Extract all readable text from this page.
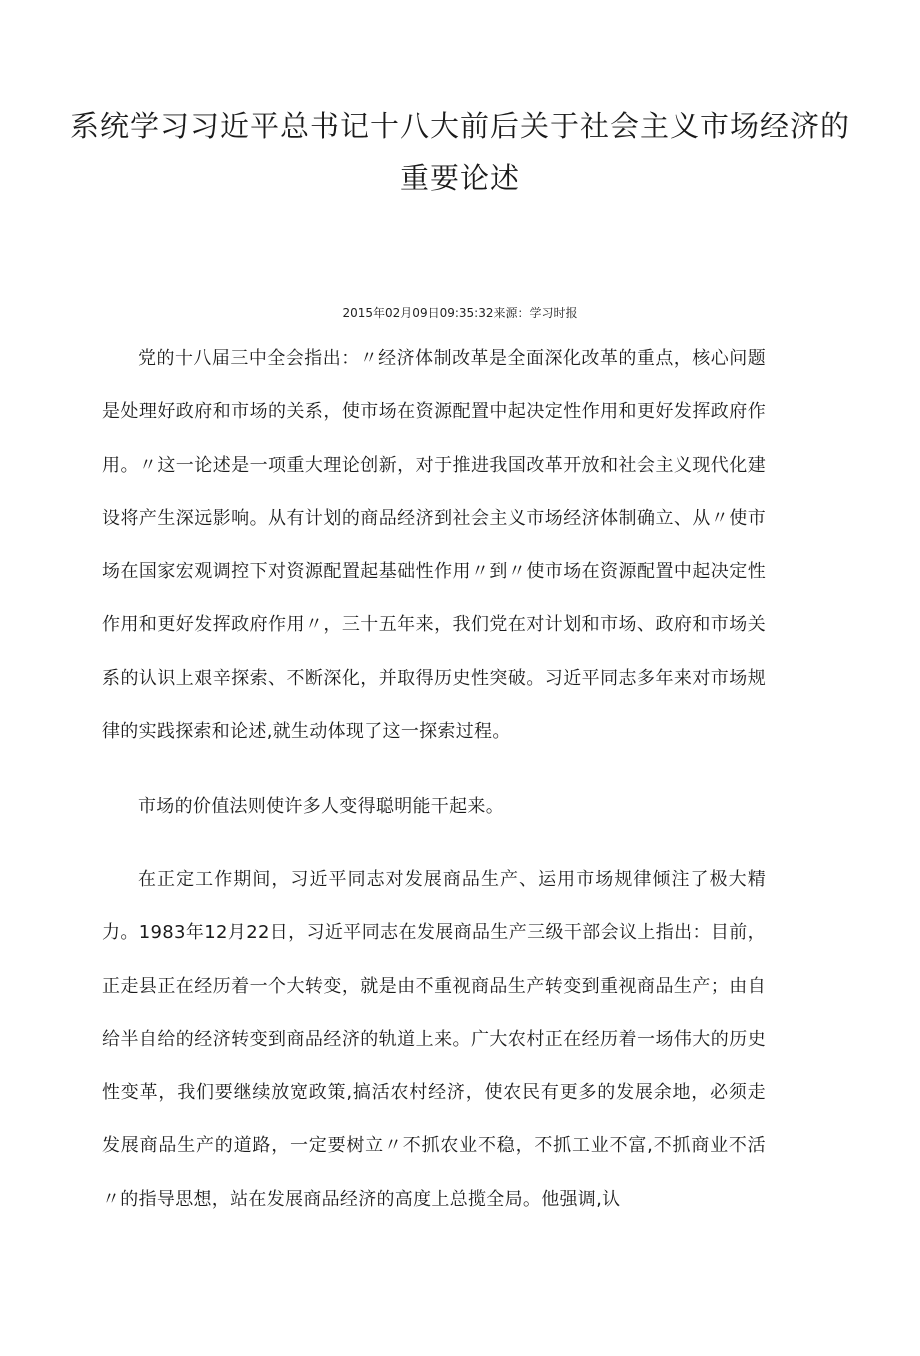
系统学习习近平总书记十八大前后关于社会主义市场经济的重要论述
2015年02月09日09:35:32来源：学习时报

党的十八届三中全会指出：〃经济体制改革是全面深化改革的重点，核心问题是处理好政府和市场的关系，使市场在资源配置中起决定性作用和更好发挥政府作用。〃这一论述是一项重大理论创新，对于推进我国改革开放和社会主义现代化建设将产生深远影响。从有计划的商品经济到社会主义市场经济体制确立、从〃使市场在国家宏观调控下对资源配置起基础性作用〃到〃使市场在资源配置中起决定性作用和更好发挥政府作用〃，三十五年来，我们党在对计划和市场、政府和市场关系的认识上艰辛探索、不断深化，并取得历史性突破。习近平同志多年来对市场规律的实践探索和论述,就生动体现了这一探索过程。

市场的价值法则使许多人变得聪明能干起来。

在正定工作期间，习近平同志对发展商品生产、运用市场规律倾注了极大精力。1983年12月22日，习近平同志在发展商品生产三级干部会议上指出：目前，正走县正在经历着一个大转变，就是由不重视商品生产转变到重视商品生产；由自给半自给的经济转变到商品经济的轨道上来。广大农村正在经历着一场伟大的历史性变革，我们要继续放宽政策,搞活农村经济，使农民有更多的发展余地，必须走发展商品生产的道路，一定要树立〃不抓农业不稳，不抓工业不富,不抓商业不活〃的指导思想，站在发展商品经济的高度上总揽全局。他强调,认
